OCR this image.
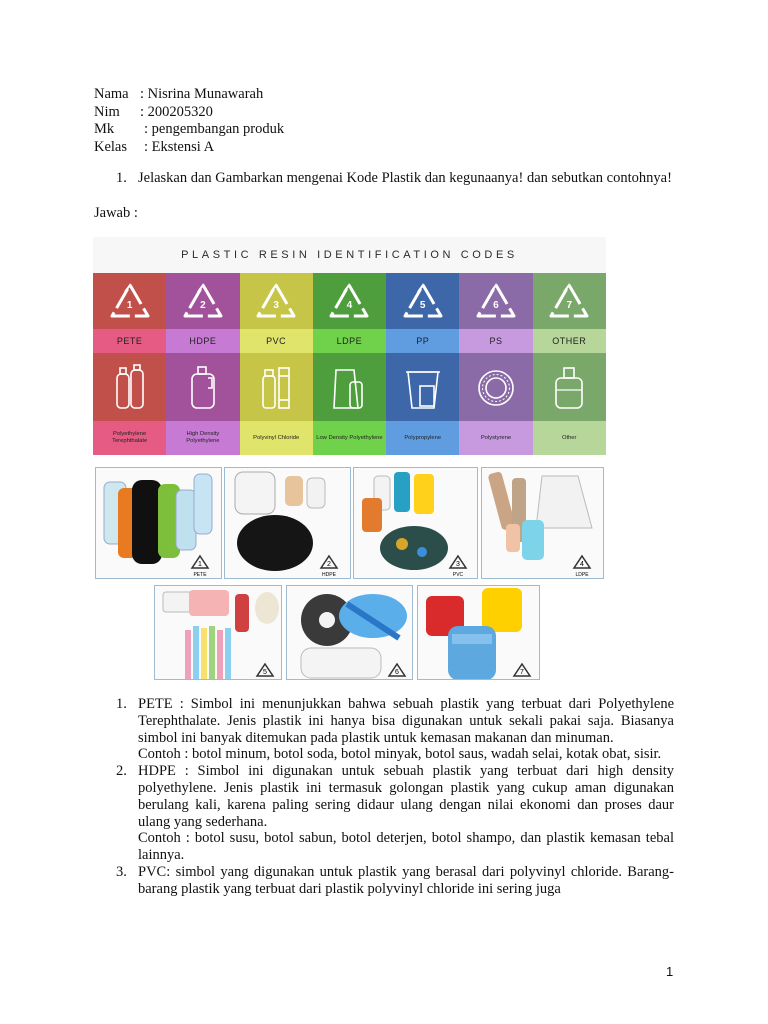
Nama : Nisrina Munawarah
Nim	: 200205320
Mk	: pengembangan produk
Kelas	: Ekstensi A
1. Jelaskan dan Gambarkan mengenai Kode Plastik dan kegunaanya! dan sebutkan contohnya!
Jawab :
PLASTIC RESIN IDENTIFICATION CODES
1
PETE
Polyethylene Terephthalate
2
HDPE
High Density Polyethylene
3
PVC
Polyvinyl Chloride
4
LDPE
Low Density Polyethylene
5
PP
Polypropylene
6
PS
Polystyrene
7
OTHER
Other
1
PETE
2
HDPE
3
PVC
4
LDPE
5	6	7
1. PETE : Simbol ini menunjukkan bahwa sebuah plastik yang terbuat dari Polyethylene Terephthalate. Jenis plastik ini hanya bisa digunakan untuk sekali pakai saja. Biasanya simbol ini banyak ditemukan pada plastik untuk kemasan makanan dan minuman.

Contoh : botol minum, botol soda, botol minyak, botol saus, wadah selai, kotak obat, sisir.

2. HDPE : Simbol ini digunakan untuk sebuah plastik yang terbuat dari high density polyethylene. Jenis plastik ini termasuk golongan plastik yang cukup aman digunakan berulang kali, karena paling sering didaur ulang dengan nilai ekonomi dan proses daur ulang yang sederhana.

Contoh : botol susu, botol sabun, botol deterjen, botol shampo, dan plastik kemasan tebal lainnya.

3. PVC: simbol yang digunakan untuk plastik yang berasal dari polyvinyl chloride. Barang-barang plastik yang terbuat dari plastik polyvinyl chloride ini sering juga

1
